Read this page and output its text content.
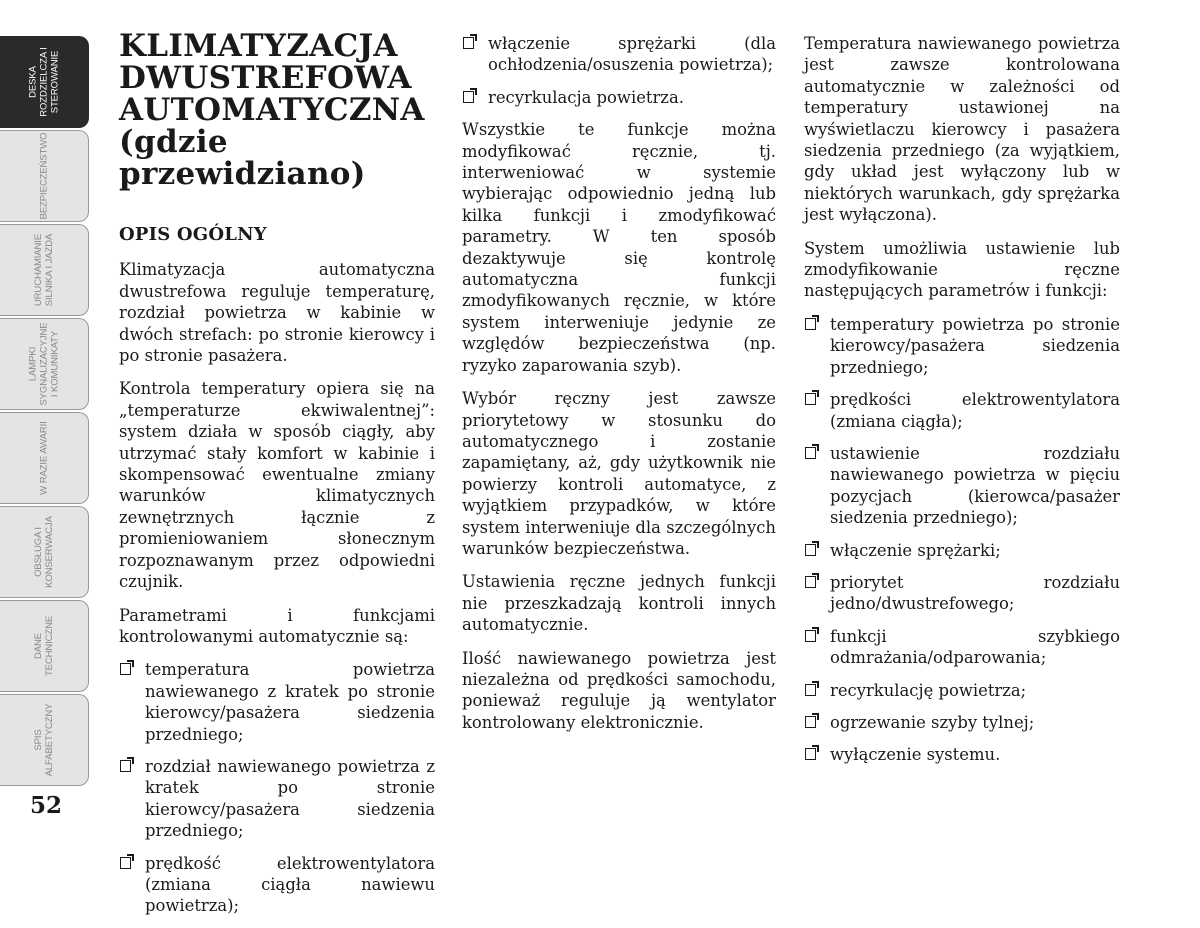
DESKA ROZDZIELCZA I STEROWANIE
BEZPIECZEŃSTWO
URUCHAMIANIE SILNIKA I JAZDA
LAMPKI SYGNALIZACYJNE I KOMUNIKATY
W RAZIE AWARII
OBSŁUGA I KONSERWACJA
DANE TECHNICZNE
SPIS ALFABETYCZNY
52
KLIMATYZACJA
DWUSTREFOWA
AUTOMATYCZNA
(gdzie przewidziano)
OPIS OGÓLNY

Klimatyzacja automatyczna dwustrefowa reguluje temperaturę, rozdział powietrza w kabinie w dwóch strefach: po stronie kierowcy i po stronie pasażera.

Kontrola temperatury opiera się na „temperaturze ekwiwalentnej”: system działa w sposób ciągły, aby utrzymać stały komfort w kabinie i skompensować ewentualne zmiany warunków klimatycznych zewnętrznych łącznie z promieniowaniem słonecznym rozpoznawanym przez odpowiedni czujnik.

Parametrami i funkcjami kontrolowanymi automatycznie są:

temperatura powietrza nawiewanego z kratek po stronie kierowcy/pasażera siedzenia przedniego;
rozdział nawiewanego powietrza z kratek po stronie kierowcy/pasażera siedzenia przedniego;
prędkość elektrowentylatora (zmiana ciągła nawiewu powietrza);
włączenie sprężarki (dla ochłodzenia/osuszenia powietrza);
recyrkulacja powietrza.

Wszystkie te funkcje można modyfikować ręcznie, tj. interweniować w systemie wybierając odpowiednio jedną lub kilka funkcji i zmodyfikować parametry. W ten sposób dezaktywuje się kontrolę automatyczna funkcji zmodyfikowanych ręcznie, w które system interweniuje jedynie ze względów bezpieczeństwa (np. ryzyko zaparowania szyb).

Wybór ręczny jest zawsze priorytetowy w stosunku do automatycznego i zostanie zapamiętany, aż, gdy użytkownik nie powierzy kontroli automatyce, z wyjątkiem przypadków, w które system interweniuje dla szczególnych warunków bezpieczeństwa.

Ustawienia ręczne jednych funkcji nie przeszkadzają kontroli innych automatycznie.

Ilość nawiewanego powietrza jest niezależna od prędkości samochodu, ponieważ reguluje ją wentylator kontrolowany elektronicznie.

Temperatura nawiewanego powietrza jest zawsze kontrolowana automatycznie w zależności od temperatury ustawionej na wyświetlaczu kierowcy i pasażera siedzenia przedniego (za wyjątkiem, gdy układ jest wyłączony lub w niektórych warunkach, gdy sprężarka jest wyłączona).

System umożliwia ustawienie lub zmodyfikowanie ręczne następujących parametrów i funkcji:

temperatury powietrza po stronie kierowcy/pasażera siedzenia przedniego;
prędkości elektrowentylatora (zmiana ciągła);
ustawienie rozdziału nawiewanego powietrza w pięciu pozycjach (kierowca/pasażer siedzenia przedniego);
włączenie sprężarki;
priorytet rozdziału jedno/dwustrefowego;
funkcji szybkiego odmrażania/odparowania;
recyrkulację powietrza;
ogrzewanie szyby tylnej;
wyłączenie systemu.
